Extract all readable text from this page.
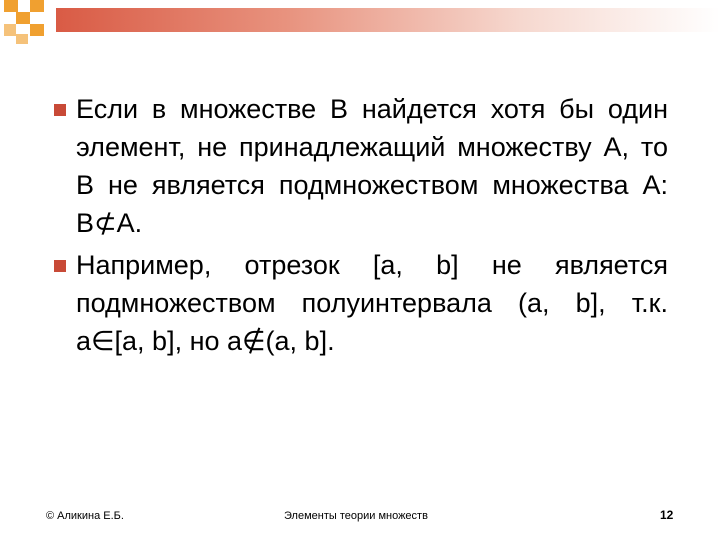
Если в множестве В найдется хотя бы один элемент, не принадлежащий множеству А, то В не является подмножеством множества А: В⊄А.
Например, отрезок [a, b] не является подмножеством полуинтервала (a, b], т.к. a∈[a, b], но a∉(a, b].
© Аликина Е.Б.	Элементы теории множеств	12
